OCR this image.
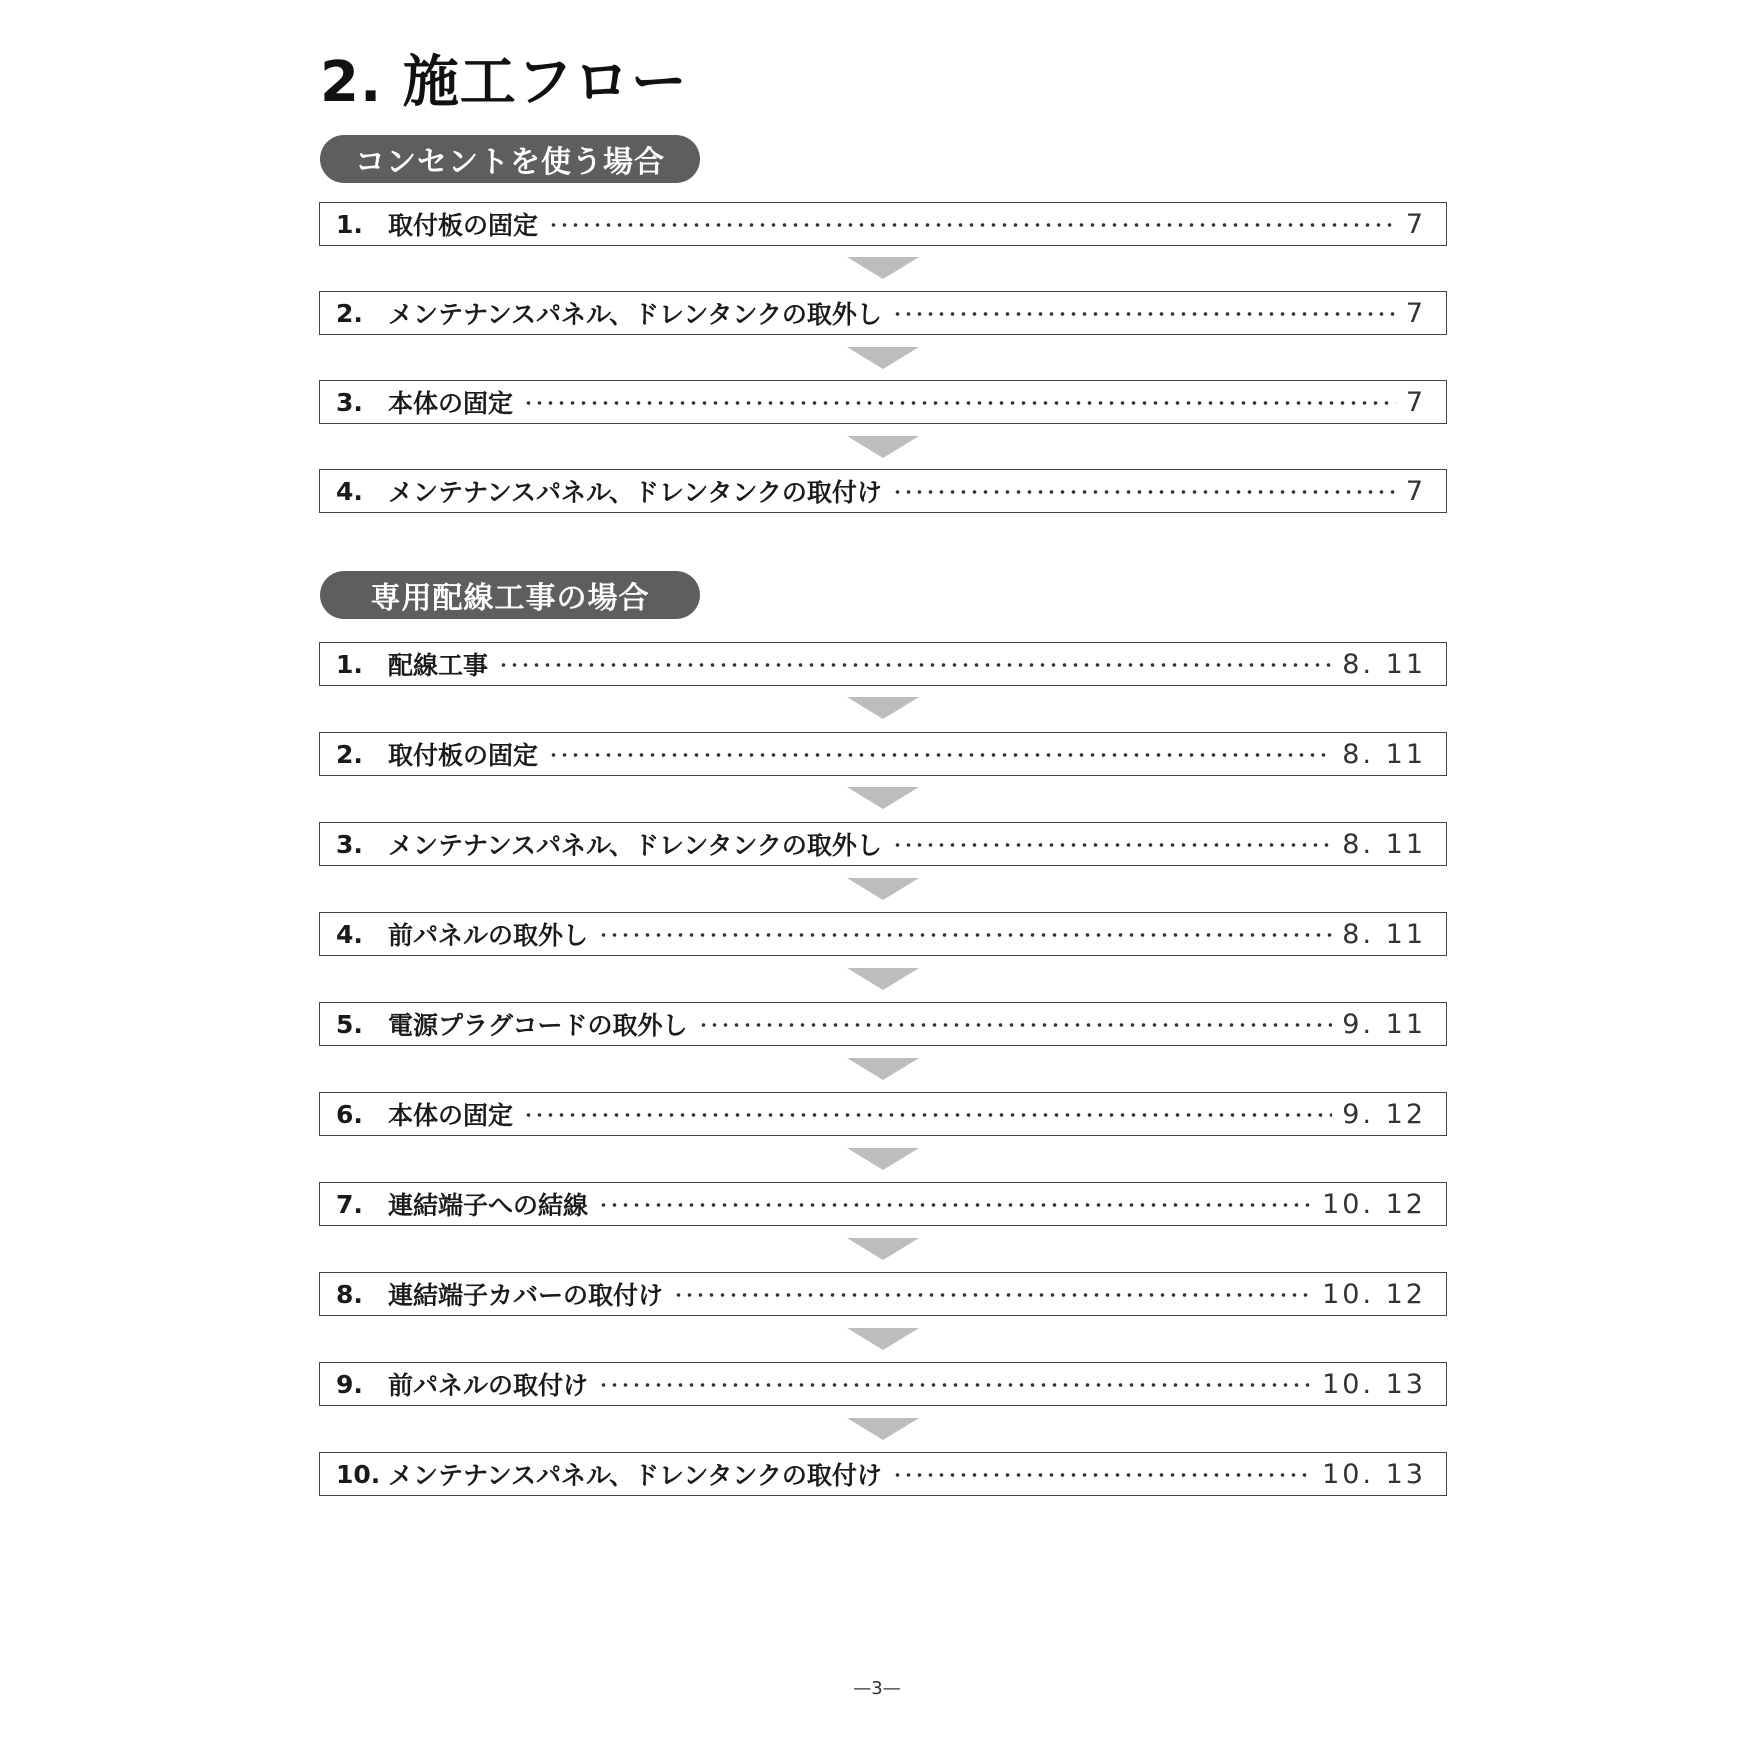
2. 施工フロー
コンセントを使う場合
1.	取付板の固定	7
2.	メンテナンスパネル、ドレンタンクの取外し	7
3.	本体の固定	7
4.	メンテナンスパネル、ドレンタンクの取付け	7
専用配線工事の場合
1.	配線工事	8. 11
2.	取付板の固定	8. 11
3.	メンテナンスパネル、ドレンタンクの取外し	8. 11
4.	前パネルの取外し	8. 11
5.	電源プラグコードの取外し	9. 11
6.	本体の固定	9. 12
7.	連結端子への結線	10. 12
8.	連結端子カバーの取付け	10. 12
9.	前パネルの取付け	10. 13
10. メンテナンスパネル、ドレンタンクの取付け	10. 13
—3—
